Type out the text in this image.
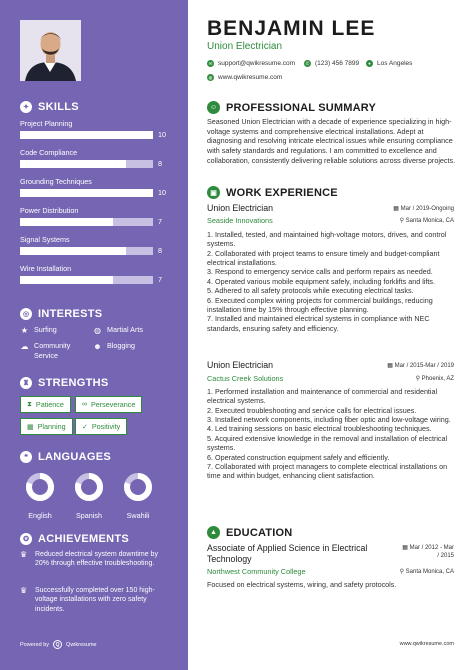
✦ SKILLS
Project Planning
10
Code Compliance
8
Grounding Techniques
10
Power Distribution
7
Signal Systems
8
Wire Installation
7
◎ INTERESTS
★ Surfing	◍ Martial Arts
☁ Community Service
☻ Blogging
♜ STRENGTHS
⧗ Patience	∞ Perseverance
▦ Planning ✓ Positivity
❝ LANGUAGES
English	Spanish	Swahili
✪ ACHIEVEMENTS
♛	Reduced electrical system downtime by 20% through effective troubleshooting.
♛	Successfully completed over 150 high-voltage installations with zero safety incidents.
Powered by	Q	Qwikresume
BENJAMIN LEE
Union Electrician
✉ support@qwikresume.com	✆ (123) 456 7899	● Los Angeles
◍ www.qwikresume.com
☺ PROFESSIONAL SUMMARY
Seasoned Union Electrician with a decade of experience specializing in high-voltage systems and comprehensive electrical installations. Adept at diagnosing and resolving intricate electrical issues while ensuring compliance with safety standards and regulations. I am committed to excellence and collaboration, consistently delivering reliable solutions across diverse projects.
▣ WORK EXPERIENCE
Union Electrician	▦ Mar / 2019-Ongoing
Seaside Innovations	⚲ Santa Monica, CA
1. Installed, tested, and maintained high-voltage motors, drives, and control systems.
2. Collaborated with project teams to ensure timely and budget-compliant electrical installations.
3. Respond to emergency service calls and perform repairs as needed.
4. Operated various mobile equipment safely, including forklifts and lifts.
5. Adhered to all safety protocols while executing electrical tasks.
6. Executed complex wiring projects for commercial buildings, reducing installation time by 15% through effective planning.
7. Installed and maintained electrical systems in compliance with NEC standards, ensuring safety and efficiency.
Union Electrician	▦ Mar / 2015-Mar / 2019
Cactus Creek Solutions	⚲ Phoenix, AZ
1. Performed installation and maintenance of commercial and residential electrical systems.
2. Executed troubleshooting and service calls for electrical issues.
3. Installed network components, including fiber optic and low-voltage wiring.
4. Led training sessions on basic electrical troubleshooting techniques.
5. Acquired extensive knowledge in the removal and installation of electrical systems.
6. Operated construction equipment safely and efficiently.
7. Collaborated with project managers to complete electrical installations on time and within budget, enhancing client satisfaction.
▲ EDUCATION
Associate of Applied Science in Electrical Technology
▦ Mar / 2012 - Mar / 2015
Northwest Community College	⚲ Santa Monica, CA
Focused on electrical systems, wiring, and safety protocols.
www.qwikresume.com
